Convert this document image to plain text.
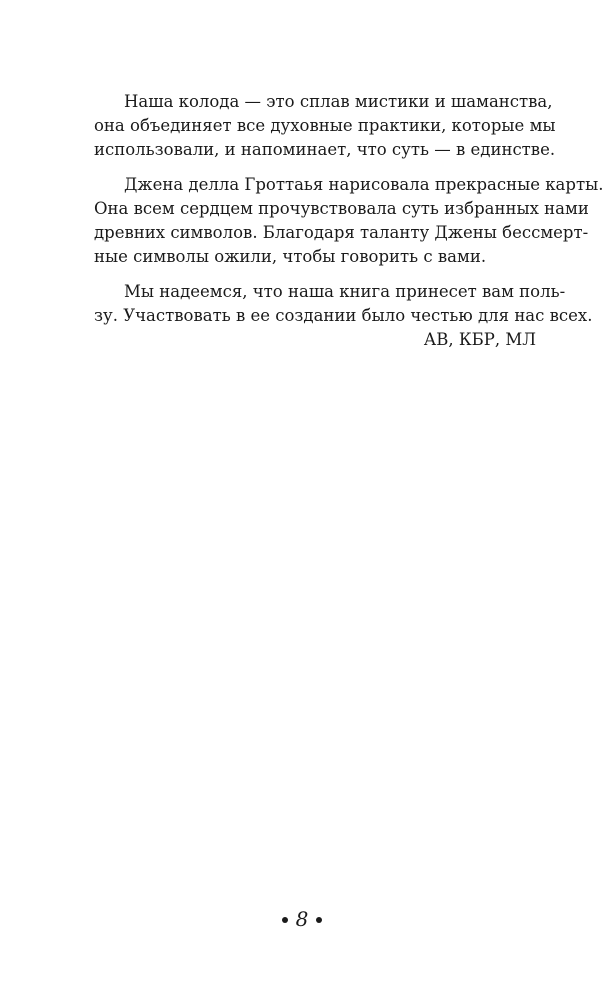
Наша колода — это сплав мистики и шаманства,
она объединяет все духовные практики, которые мы
использовали, и напоминает, что суть — в единстве.
Джена делла Гроттаья нарисовала прекрасные карты.
Она всем сердцем прочувствовала суть избранных нами
древних символов. Благодаря таланту Джены бессмерт-
ные символы ожили, чтобы говорить с вами.
Мы надеемся, что наша книга принесет вам поль-
зу. Участвовать в ее создании было честью для нас всех.
АВ, КБР, МЛ
8
